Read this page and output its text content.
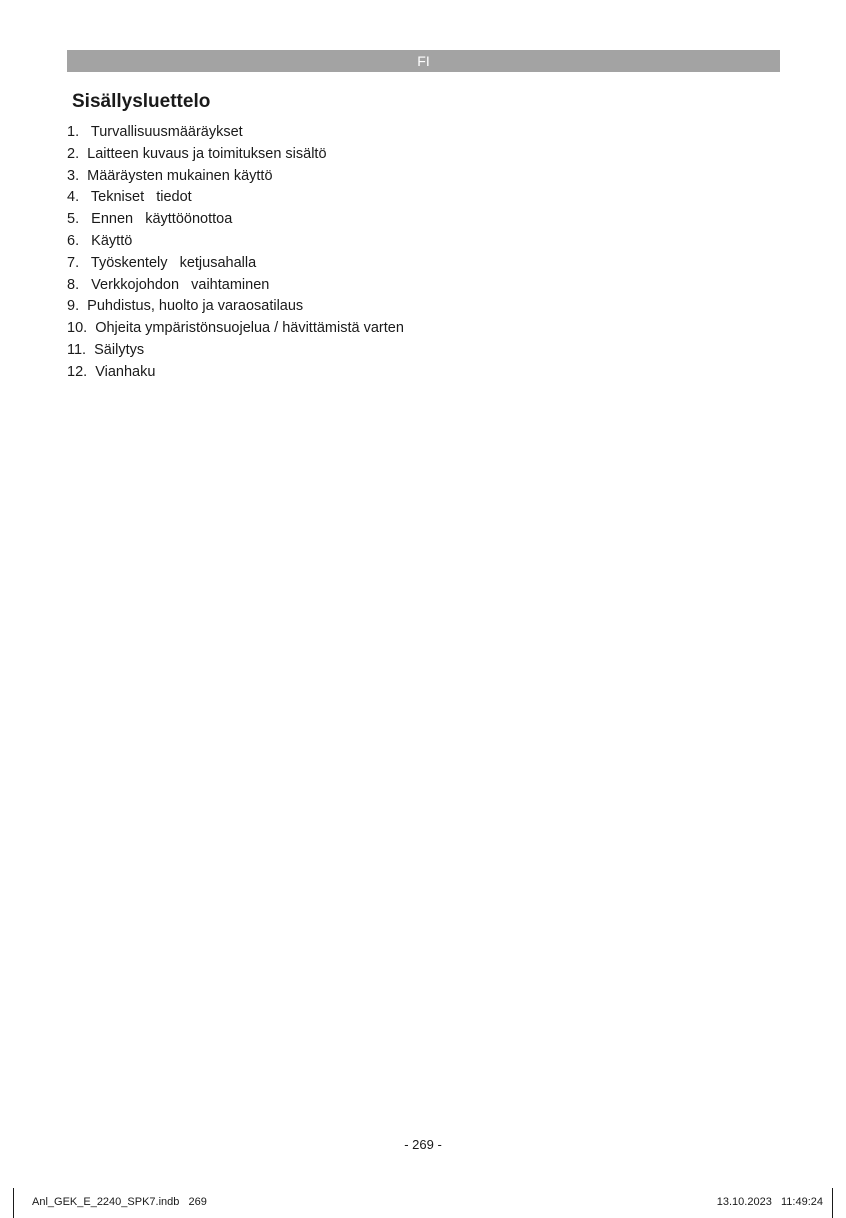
FI
Sisällysluettelo
1.   Turvallisuusmääräykset
2.  Laitteen kuvaus ja toimituksen sisältö
3.  Määräysten mukainen käyttö
4.   Tekniset   tiedot
5.   Ennen   käyttöönottoa
6.   Käyttö
7.   Työskentely   ketjusahalla
8.   Verkkojohdon   vaihtaminen
9.  Puhdistus, huolto ja varaosatilaus
10.  Ohjeita ympäristönsuojelua / hävittämistä varten
11.  Säilytys
12.  Vianhaku
- 269 -
Anl_GEK_E_2240_SPK7.indb   269	13.10.2023   11:49:24
